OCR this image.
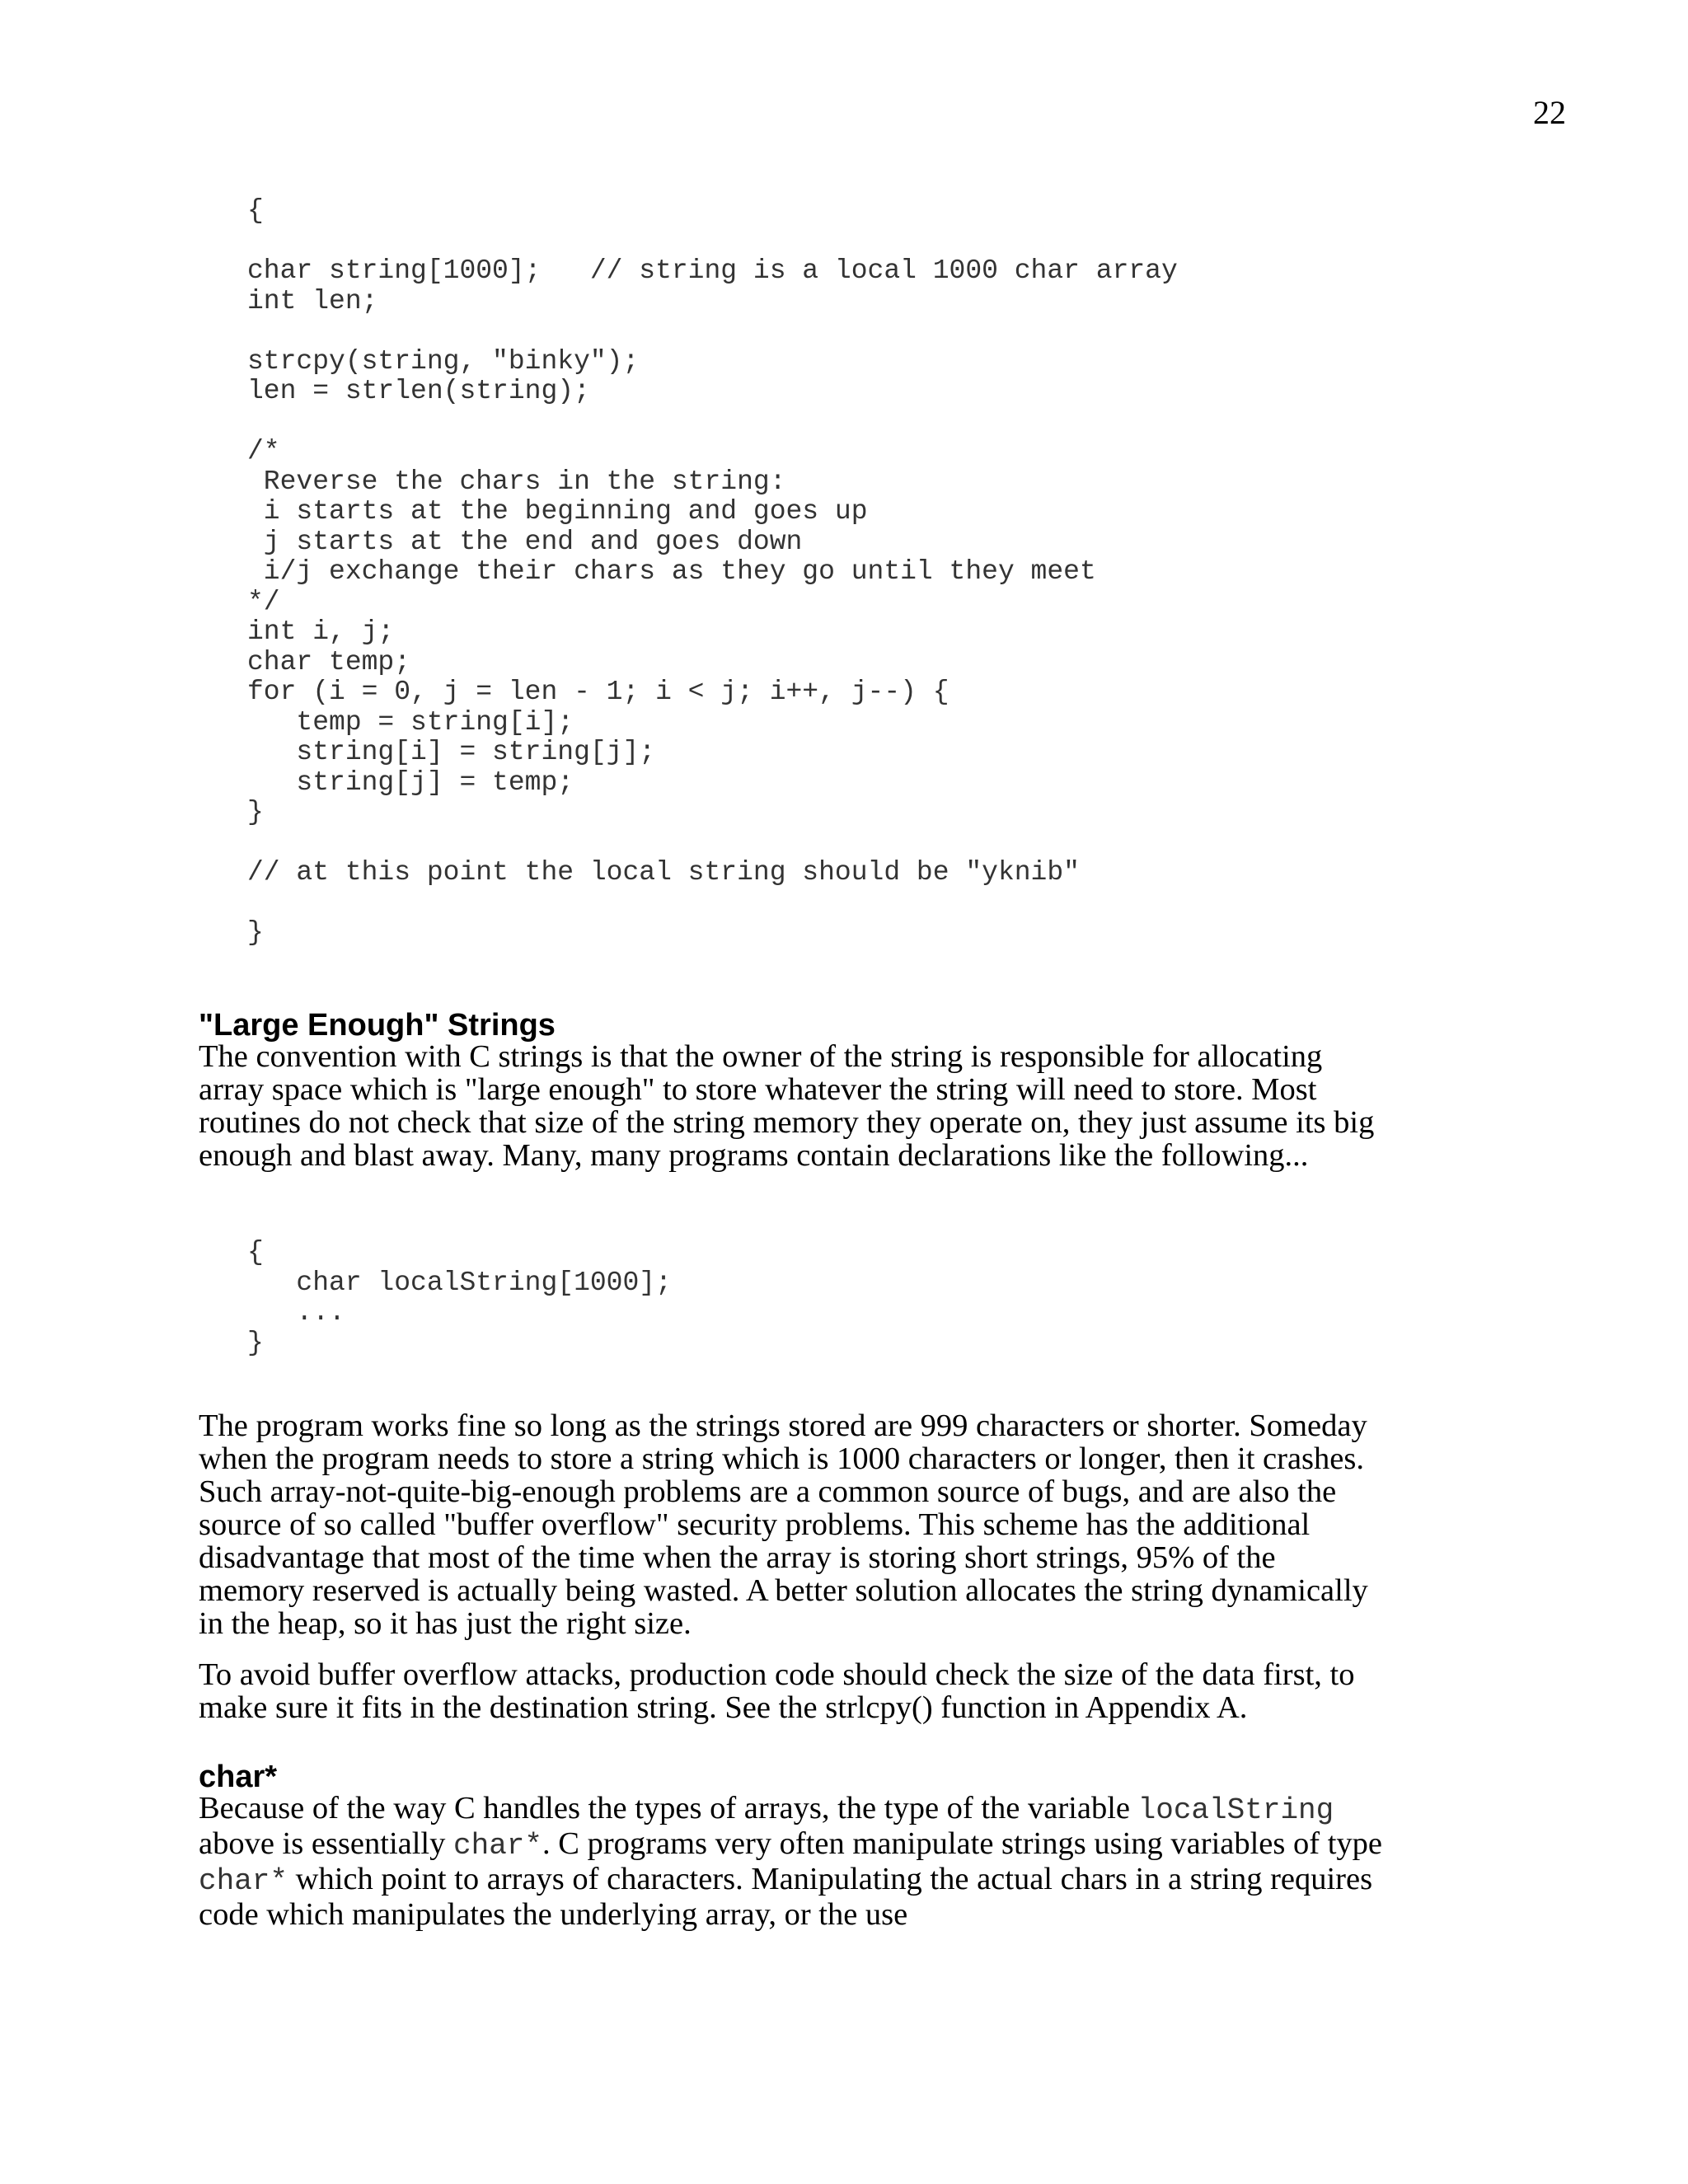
22
{

char string[1000];   // string is a local 1000 char array
int len;

strcpy(string, "binky");
len = strlen(string);

/*
Reverse the chars in the string:
i starts at the beginning and goes up
j starts at the end and goes down
i/j exchange their chars as they go until they meet
*/
int i, j;
char temp;
for (i = 0, j = len - 1; i < j; i++, j--) {
temp = string[i];
string[i] = string[j];
string[j] = temp;
}

// at this point the local string should be "yknib"

}
"Large Enough" Strings

The convention with C strings is that the owner of the string is responsible for allocating array space which is "large enough" to store whatever the string will need to store. Most routines do not check that size of the string memory they operate on, they just assume its big enough and blast away. Many, many programs contain declarations like the following...

{
char localString[1000];
...
}

The program works fine so long as the strings stored are 999 characters or shorter. Someday when the program needs to store a string which is 1000 characters or longer, then it crashes. Such array-not-quite-big-enough problems are a common source of bugs, and are also the source of so called "buffer overflow" security problems. This scheme has the additional disadvantage that most of the time when the array is storing short strings, 95% of the memory reserved is actually being wasted. A better solution allocates the string dynamically in the heap, so it has just the right size.

To avoid buffer overflow attacks, production code should check the size of the data first, to make sure it fits in the destination string. See the strlcpy() function in Appendix A.

char*

Because of the way C handles the types of arrays, the type of the variable localString above is essentially char*. C programs very often manipulate strings using variables of type char* which point to arrays of characters. Manipulating the actual chars in a string requires code which manipulates the underlying array, or the use
